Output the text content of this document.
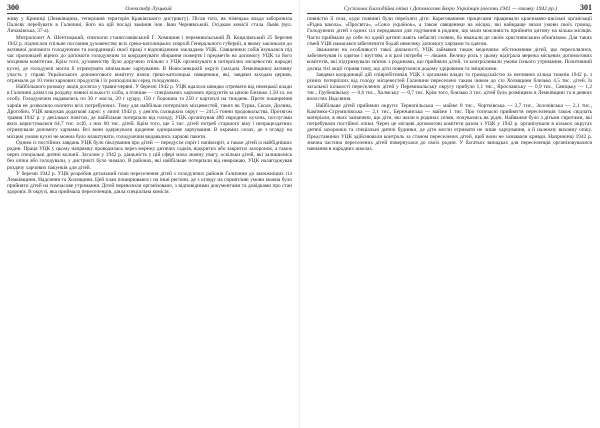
300	Олександр Луцький

живу у Криниці (Лемківщина, теперішня територія Краківського дистрикту). Після того, як німецька влада заборонила Палієву перебувати в Галичині, його на цій посаді замінив інж. Іван Чернявський. Осідком комісії стала Львів (вул. Личаківська, 37-а).

Митрополит А. Шептицький, єпископи станиславівський Г. Хомишин і перемишльський Й. Коцилівський 25 березня 1942 р. підписали спільне послання духовенству всіх греко-католицьких єпархій Генерального губернії, в якому закликали до активної допомоги голодуючим та координації своєї праці з відповідними закладами УЦК. Священики собів`язувалися під час проповідей вірних до допомоги голодуючим та координувати збирання пожертв і предметів на допомогу УЦК та його місцевим комітетам. Крім того, духовенству було доручено спільно з УЦК організувати в потерпілих місцевостях народні кухні, де голодуючі могли б отримувати мінімальне харчування. В Новосанецькій окрузі (західна Лемківщина) активну участь у справі Українського допомогового комітету взяли греко-католицькі священики, які, завдяки заходам церкви, отримали до 10 тонн харчових продуктів і їх розподілили серед голодуючих.

Найбільшого розмаху акція досягла у травні-червні. У березні 1942 р. УЦК вдалося швидко отримати від німецької влади в Галичині дозвіл на роздачу певної кількості хліба, а пізніше — спеціальних харчових продуктів за ціною близько 1,50 зл. на особу. Голодуючим надавались по 30 г масла, 20 г цукру, 150 г борошна та 250 г картоплі на тиждень. Проте поширення харчів не дозволило охопити всіх потребуючих. Тому для найбільш потерпілих місцевостей, таких як Турка, Сколе, Долина, Дрогобич, УЦК вишукав додаткові харчі: у липні 1942 р. у дев'ять галицьких округ — 241,5 тонни продовольства. Протягом травня 1942 р. у декількох повітах, де найбільше потерпали від голоду, УЦК організував 486 народних кухонь, послугами яких користувалися 64,7 тис. осіб, з них 60 тис. дітей. Крім того, ще 5 тис. дітей потреб старшого віку і непрацездатних отримували допомогу харчами. Всі вони одержували щоденне одноразове харчування. В окремих селах, де з огляду на місцеві умови кухні не можна було влаштувати, голодуючим видавались харчові пакети.

Одним із постійних завдань УЦК було піклування про дітей — передусім сиріт і напівсиріт, а також дітей із найбідніших родин. Праця УЦК у цьому напрямку проводилась через мережу дитячих садків, відкритих або закритих захоронок, а також через спеціальні дитячі колонії. Загалом у 1942 р. діяльність у цій сфері мала значну увагу, оскільки дітей, які залишились без опіки або голодували, у дистрикті було чимало. В районах, які найбільше потерпали від неврожаю, УЦК налагоджував роздачу харчових пакунків для дітей.

У березні 1942 р. УЦК розробив детальний план переселення дітей з голодуючих районів Галичини до заможніших сіл Лемківщини, Надсяння та Холмщини. Цей план поширювався і на інші регіони, де з огляду на сприятливі умови можна було прийняти дітей на тимчасове утримання. Дітей перевозили організовано, з відповідними документами та довідками про стан здоров'я. В окрузі, яка приймала переселенців, діяла спеціальна комісія.

Суспільна благодійна опіка і Допомогове Бюро Українців (восени 1941 — взимку 1942 рр.)	301

повністю її села, куди повинні були переїхати діти. Корегованими процесами працювали краєзнавчо-шкільні організації «Рідна школа», «Просвіта», «Союз українок», а також священики на місцях, які найкраще знали умови своїх громад. Голодуючих дітей з одних сіл передавали для годування в родини, що мали можливість прийняти дитину на кілька місяців. Часто приймали до себе по одній дитині навіть небагаті селяни, бо вважали це своїм християнським обов'язком. Для таких сімей УЦК намагався забезпечити бодай невелику допомогу харчами та одягом.

Зважаючи на особливості такої діяльності, УЦК займався також медичним обстеженням дітей, що переселялися, забезпечував їх одягом і взуттям, а в разі потреби — ліками. Велику роль у цьому відіграла мережа місцевих допомогових комітетів, які підтримували зв'язок з родинами, що прийняли дітей, та контролювали умови їхнього утримання. Позитивний досвід тієї акції сприяв тому, що діти поверталися додому здоровими та зміцнілими.

Завдяки координації дій співробітників УЦК з органами влади та громадськістю за неповних кілька тижнів 1942 р. з різних потерпілих від голоду місцевостей Галичини переселено таким чином до сіл Холмщини близько 4,5 тис. дітей. Із загальної кількості переселених дітей у Перемишльську округу прибуло 1,1 тис., Ярославську — 0,9 тис., Сяніцьку — 1,2 тис., Грубешівську — 0,6 тис., Холмську — 0,7 тис. Крім того, близько 3 тис. дітей було розміщено в Лемківщині та в деяких волостях Надсяння.

Найбільше дітей прийняли округи: Тернопільська — майже 8 тис., Чортківська — 2,7 тис., Золочівська — 2,1 тис., Кам'янко-Струмилівська — 2,1 тис., Бережанська — майже 1 тис. Про тогочасні прийняття переселенців також свідчать матеріали, в яких зазначено, що діти, які жили в родинах селян, почувались як рідні. Найважче було з дітьми сиротами, які потребували постійної опіки. Через це місцеві допомогові комітети разом з УЦК у 1942 р. організували в кількох округах дитячі захоронки та спеціальні дитячі будинки, де діти могли отримати не лише харчування, а й належну виховну опіку. Представники УЦК здійснювали контроль за станом переселених дітей, щоб вони не зазнавали кривди. Наприкінці 1942 р. значна частина переселених дітей повернулася до своїх родин. У багатьох випадках для переселенців організовувалися навчання в народних школах.
